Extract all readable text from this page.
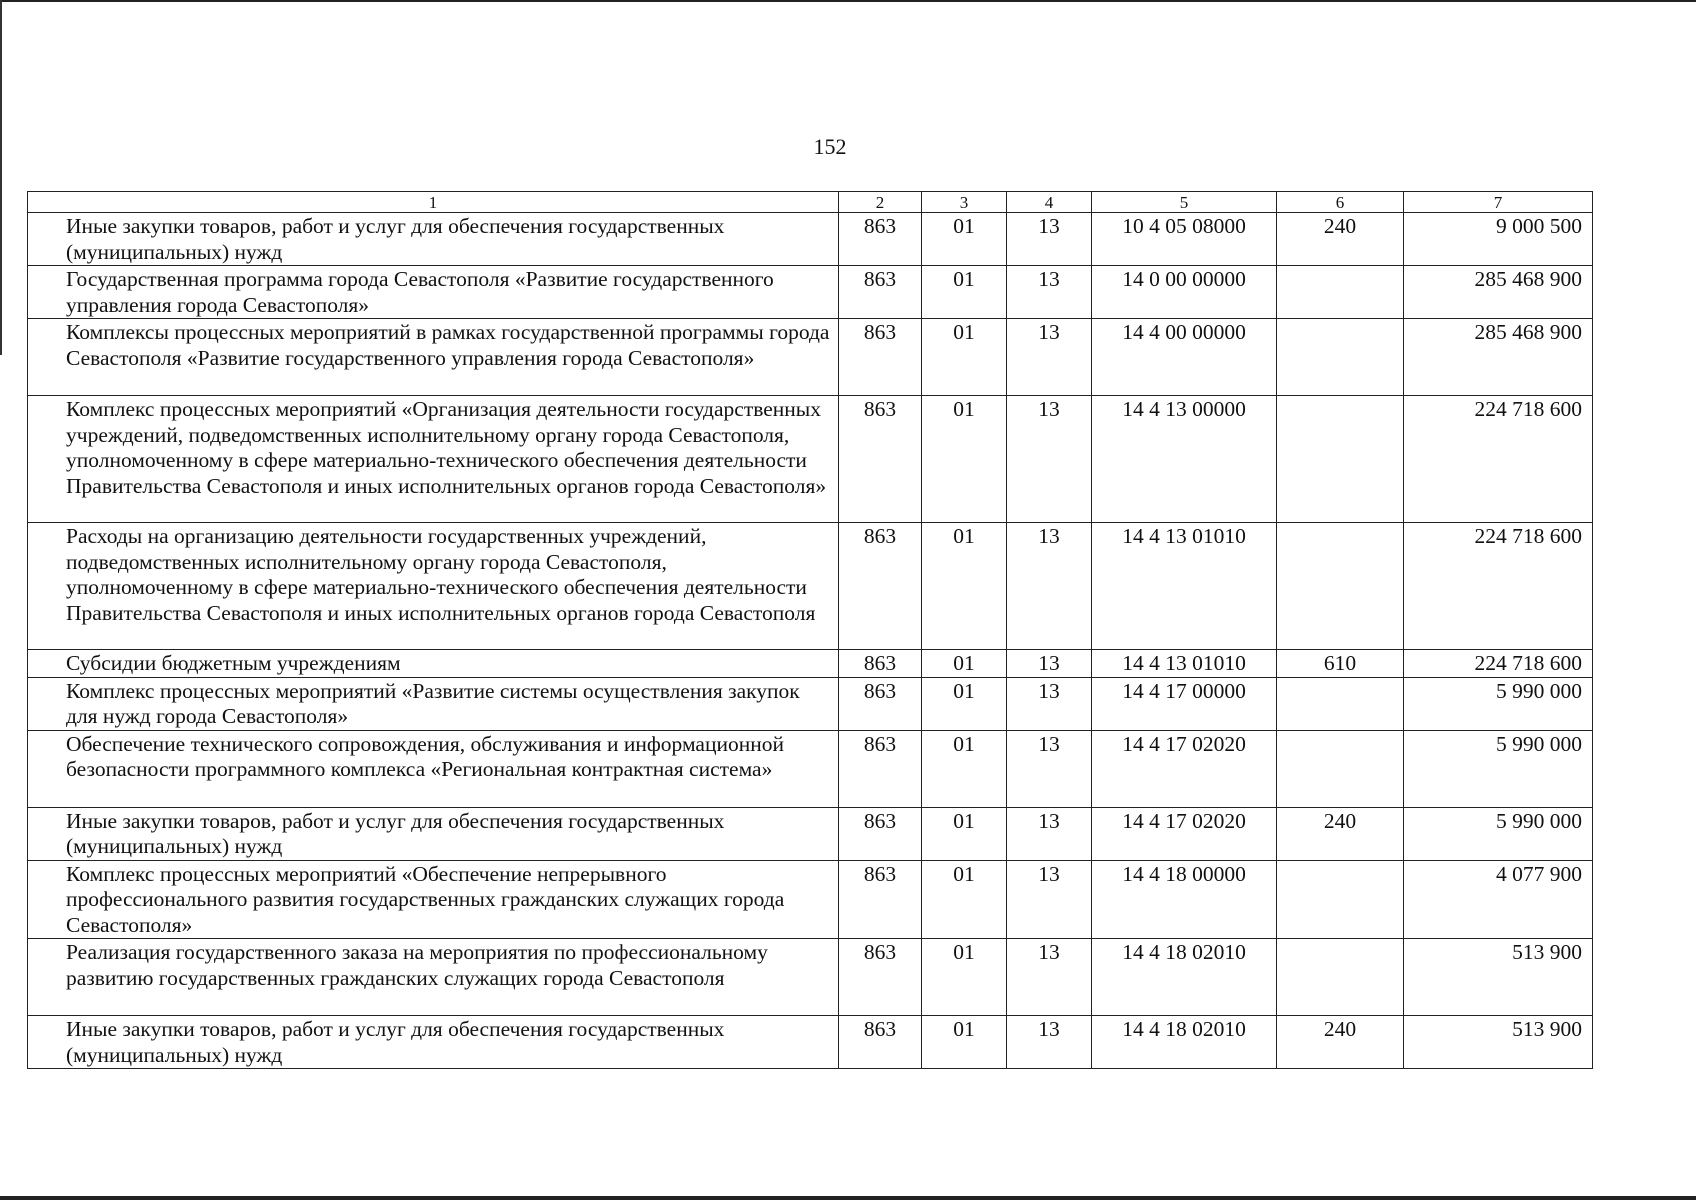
152
1	2	3	4	5	6	7
Иные закупки товаров, работ и услуг для обеспечения государственных (муниципальных) нужд	863	01	13	10 4 05 08000	240	9 000 500
Государственная программа города Севастополя «Развитие государственного управления города Севастополя»	863	01	13	14 0 00 00000		285 468 900
Комплексы процессных мероприятий в рамках государственной программы города Севастополя «Развитие государственного управления города Севастополя»	863	01	13	14 4 00 00000		285 468 900
Комплекс процессных мероприятий «Организация деятельности государственных учреждений, подведомственных исполнительному органу города Севастополя, уполномоченному в сфере материально-технического обеспечения деятельности Правительства Севастополя и иных исполнительных органов города Севастополя»	863	01	13	14 4 13 00000		224 718 600
Расходы на организацию деятельности государственных учреждений, подведомственных исполнительному органу города Севастополя, уполномоченному в сфере материально-технического обеспечения деятельности Правительства Севастополя и иных исполнительных органов города Севастополя	863	01	13	14 4 13 01010		224 718 600
Субсидии бюджетным учреждениям	863	01	13	14 4 13 01010	610	224 718 600
Комплекс процессных мероприятий «Развитие системы осуществления закупок для нужд города Севастополя»	863	01	13	14 4 17 00000		5 990 000
Обеспечение технического сопровождения, обслуживания и информационной безопасности программного комплекса «Региональная контрактная система»	863	01	13	14 4 17 02020		5 990 000
Иные закупки товаров, работ и услуг для обеспечения государственных (муниципальных) нужд	863	01	13	14 4 17 02020	240	5 990 000
Комплекс процессных мероприятий «Обеспечение непрерывного профессионального развития государственных гражданских служащих города Севастополя»	863	01	13	14 4 18 00000		4 077 900
Реализация государственного заказа на мероприятия по профессиональному развитию государственных гражданских служащих города Севастополя	863	01	13	14 4 18 02010		513 900
Иные закупки товаров, работ и услуг для обеспечения государственных (муниципальных) нужд	863	01	13	14 4 18 02010	240	513 900
